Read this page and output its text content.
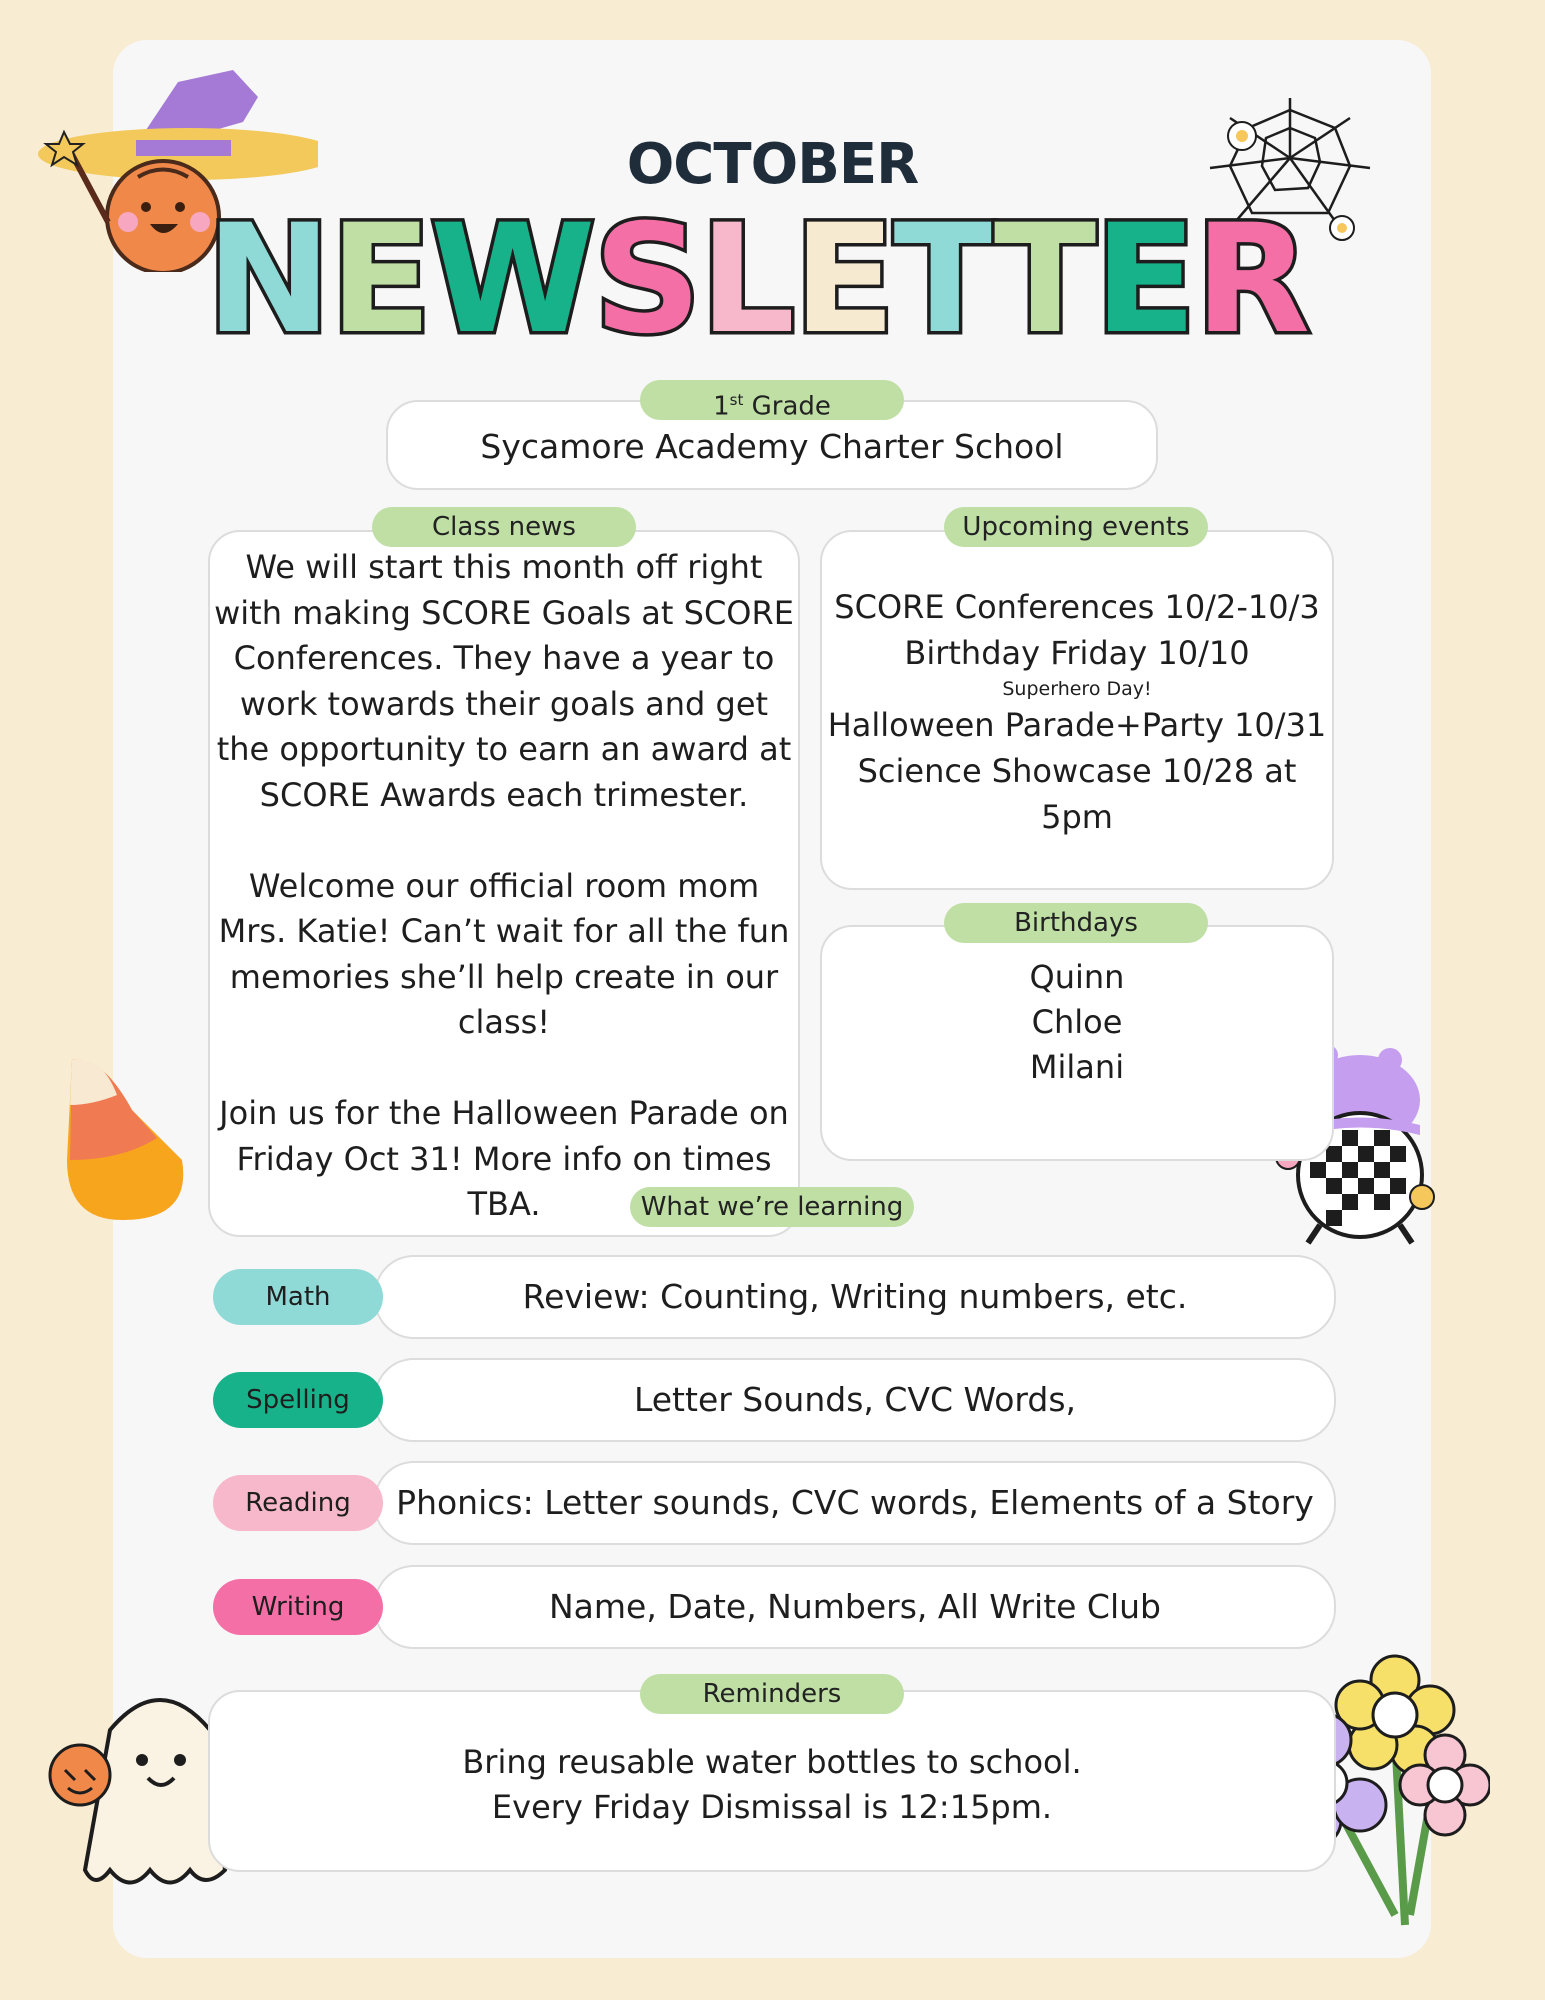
OCTOBER
NEWSLETTER
1st Grade
Sycamore Academy Charter School
Class news
We will start this month off right
with making SCORE Goals at SCORE
Conferences. They have a year to
work towards their goals and get
the opportunity to earn an award at
SCORE Awards each trimester.
Welcome our official room mom
Mrs. Katie! Can’t wait for all the fun
memories she’ll help create in our
class!
Join us for the Halloween Parade on
Friday Oct 31! More info on times
TBA.
Upcoming events
SCORE Conferences 10/2-10/3
Birthday Friday 10/10
Superhero Day!
Halloween Parade+Party 10/31
Science Showcase 10/28 at
5pm
Birthdays
Quinn
Chloe
Milani
What we’re learning
Review: Counting, Writing numbers, etc.
Math
Letter Sounds, CVC Words,
Spelling
Phonics: Letter sounds, CVC words, Elements of a Story
Reading
Name, Date, Numbers, All Write Club
Writing
Reminders
Bring reusable water bottles to school.
Every Friday Dismissal is 12:15pm.
